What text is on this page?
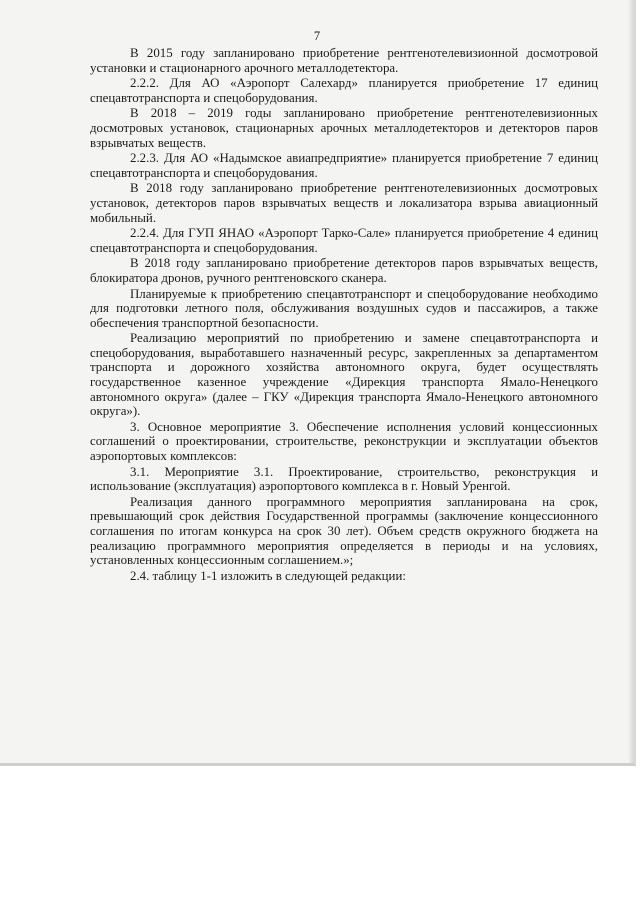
7

В 2015 году запланировано приобретение рентгенотелевизионной досмотровой установки и стационарного арочного металлодетектора.

2.2.2. Для АО «Аэропорт Салехард» планируется приобретение 17 единиц спецавтотранспорта и спецоборудования.

В 2018 – 2019 годы запланировано приобретение рентгенотелевизионных досмотровых установок, стационарных арочных металлодетекторов и детекторов паров взрывчатых веществ.

2.2.3. Для АО «Надымское авиапредприятие» планируется приобретение 7 единиц спецавтотранспорта и спецоборудования.

В 2018 году запланировано приобретение рентгенотелевизионных досмотровых установок, детекторов паров взрывчатых веществ и локализатора взрыва авиационный мобильный.

2.2.4. Для ГУП ЯНАО «Аэропорт Тарко-Сале» планируется приобретение 4 единиц спецавтотранспорта и спецоборудования.

В 2018 году запланировано приобретение детекторов паров взрывчатых веществ, блокиратора дронов, ручного рентгеновского сканера.

Планируемые к приобретению спецавтотранспорт и спецоборудование необходимо для подготовки летного поля, обслуживания воздушных судов и пассажиров, а также обеспечения транспортной безопасности.

Реализацию мероприятий по приобретению и замене спецавтотранспорта и спецоборудования, выработавшего назначенный ресурс, закрепленных за департаментом транспорта и дорожного хозяйства автономного округа, будет осуществлять государственное казенное учреждение «Дирекция транспорта Ямало-Ненецкого автономного округа» (далее – ГКУ «Дирекция транспорта Ямало-Ненецкого автономного округа»).

3. Основное мероприятие 3. Обеспечение исполнения условий концессионных соглашений о проектировании, строительстве, реконструкции и эксплуатации объектов аэропортовых комплексов:

3.1. Мероприятие 3.1. Проектирование, строительство, реконструкция и использование (эксплуатация) аэропортового комплекса в г. Новый Уренгой.

Реализация данного программного мероприятия запланирована на срок, превышающий срок действия Государственной программы (заключение концессионного соглашения по итогам конкурса на срок 30 лет). Объем средств окружного бюджета на реализацию программного мероприятия определяется в периоды и на условиях, установленных концессионным соглашением.»;

2.4. таблицу 1-1 изложить в следующей редакции:
